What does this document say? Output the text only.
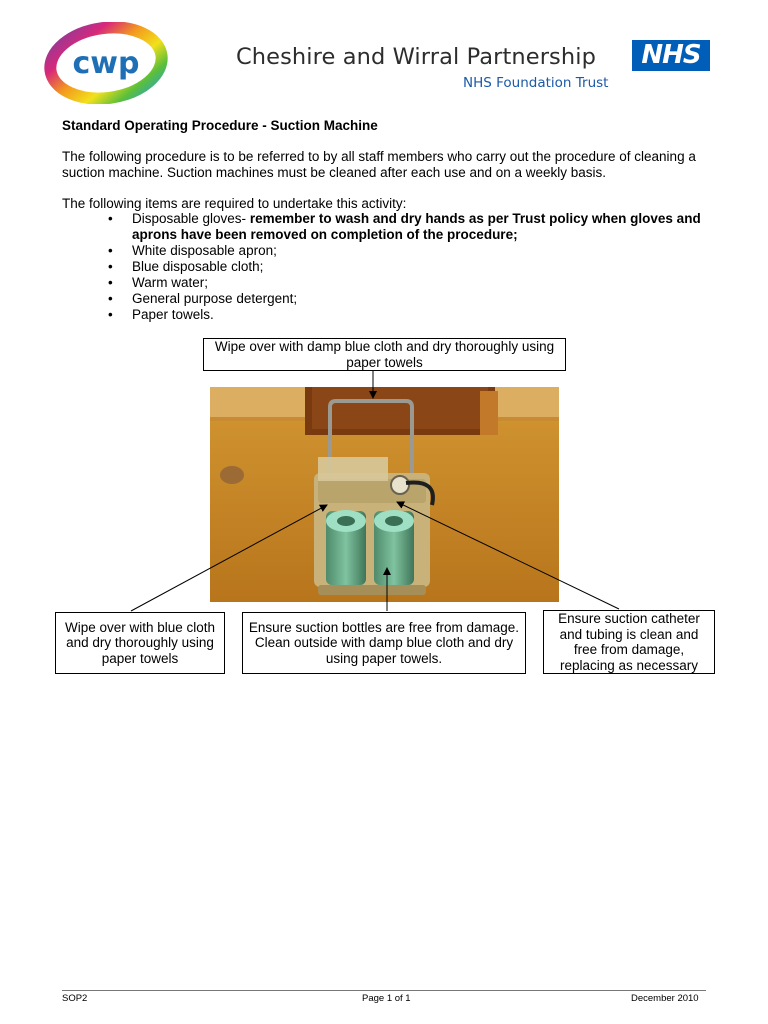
cwp	Cheshire and Wirral Partnership
NHS Foundation Trust
NHS
Standard Operating Procedure - Suction Machine
The following procedure is to be referred to by all staff members who carry out the procedure of cleaning a suction machine. Suction machines must be cleaned after each use and on a weekly basis.
The following items are required to undertake this activity:
• Disposable gloves- remember to wash and dry hands as per Trust policy when gloves and aprons have been removed on completion of the procedure;
• White disposable apron;
• Blue disposable cloth;
• Warm water;
• General purpose detergent;
• Paper towels.
Wipe over with damp blue cloth and dry thoroughly using paper towels
Wipe over with blue cloth and dry thoroughly using paper towels
Ensure suction bottles are free from damage. Clean outside with damp blue cloth and dry using paper towels.
Ensure suction catheter and tubing is clean and free from damage, replacing as necessary
SOP2	Page 1 of 1	December 2010
